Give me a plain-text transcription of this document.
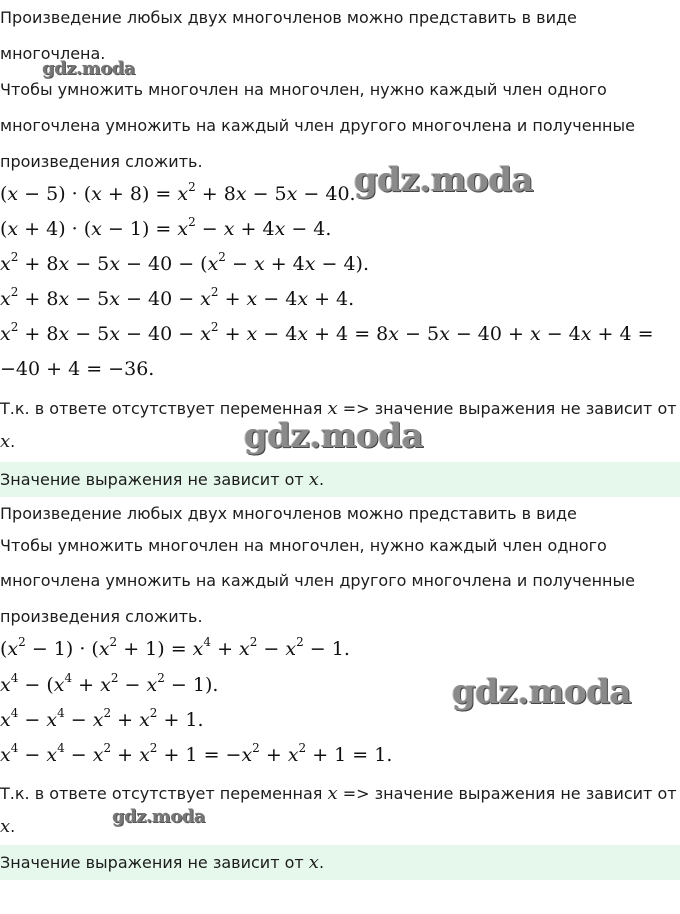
Произведение любых двух многочленов можно представить в виде
многочлена.
Чтобы умножить многочлен на многочлен, нужно каждый член одного
многочлена умножить на каждый член другого многочлена и полученные
произведения сложить.
$(x - 5) \cdot (x + 8) = x^2 + 8x - 5x - 40$.
$(x + 4) \cdot (x - 1) = x^2 - x + 4x - 4$.
$x^2 + 8x - 5x - 40 - (x^2 - x + 4x - 4)$.
$x^2 + 8x - 5x - 40 - x^2 + x - 4x + 4$.
$x^2 + 8x - 5x - 40 - x^2 + x - 4x + 4 = 8x - 5x - 40 + x - 4x + 4$ =
−40 + 4 = −36.
Т.к. в ответе отсутствует переменная x => значение выражения не зависит от
x.
Значение выражения не зависит от x.
Произведение любых двух многочленов можно представить в виде
Чтобы умножить многочлен на многочлен, нужно каждый член одного
многочлена умножить на каждый член другого многочлена и полученные
произведения сложить.
$(x^2 - 1) \cdot (x^2 + 1) = x^4 + x^2 - x^2 - 1$.
$x^4 - (x^4 + x^2 - x^2 - 1)$.
$x^4 - x^4 - x^2 + x^2 + 1$.
$x^4 - x^4 - x^2 + x^2 + 1 = -x^2 + x^2 + 1 = 1$.
Т.к. в ответе отсутствует переменная x => значение выражения не зависит от
x.
Значение выражения не зависит от x.
gdz.moda
gdz.moda
gdz.moda
gdz.moda
gdz.moda
